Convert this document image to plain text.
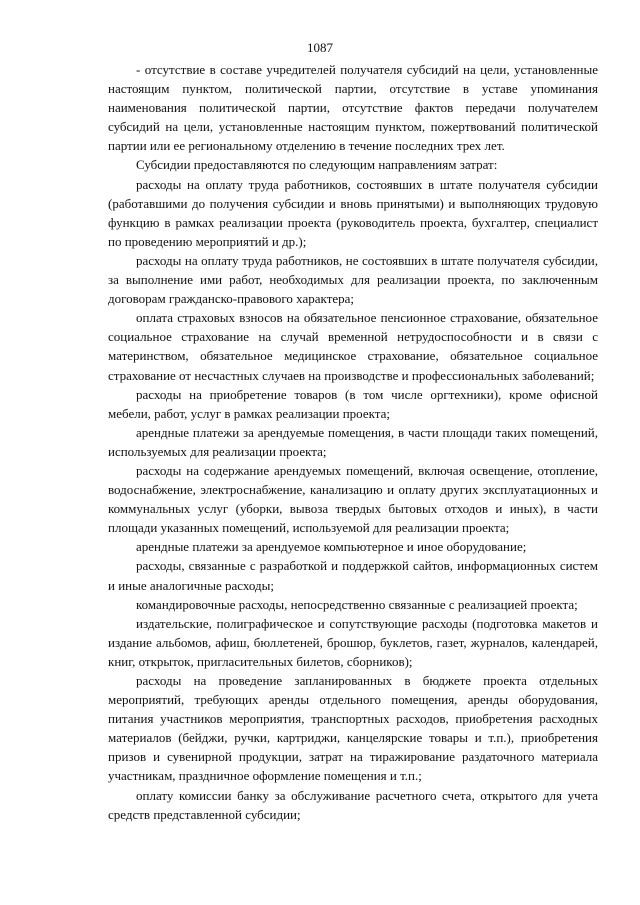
1087

- отсутствие в составе учредителей получателя субсидий на цели, установленные настоящим пунктом, политической партии, отсутствие в уставе упоминания наименования политической партии, отсутствие фактов передачи получателем субсидий на цели, установленные настоящим пунктом, пожертвований политической партии или ее региональному отделению в течение последних трех лет.

Субсидии предоставляются по следующим направлениям затрат:

расходы на оплату труда работников, состоявших в штате получателя субсидии (работавшими до получения субсидии и вновь принятыми) и выполняющих трудовую функцию в рамках реализации проекта (руководитель проекта, бухгалтер, специалист по проведению мероприятий и др.);

расходы на оплату труда работников, не состоявших в штате получателя субсидии, за выполнение ими работ, необходимых для реализации проекта, по заключенным договорам гражданско-правового характера;

оплата страховых взносов на обязательное пенсионное страхование, обязательное социальное страхование на случай временной нетрудоспособности и в связи с материнством, обязательное медицинское страхование, обязательное социальное страхование от несчастных случаев на производстве и профессиональных заболеваний;

расходы на приобретение товаров (в том числе оргтехники), кроме офисной мебели, работ, услуг в рамках реализации проекта;

арендные платежи за арендуемые помещения, в части площади таких помещений, используемых для реализации проекта;

расходы на содержание арендуемых помещений, включая освещение, отопление, водоснабжение, электроснабжение, канализацию и оплату других эксплуатационных и коммунальных услуг (уборки, вывоза твердых бытовых отходов и иных), в части площади указанных помещений, используемой для реализации проекта;

арендные платежи за арендуемое компьютерное и иное оборудование;

расходы, связанные с разработкой и поддержкой сайтов, информационных систем и иные аналогичные расходы;

командировочные расходы, непосредственно связанные с реализацией проекта;

издательские, полиграфическое и сопутствующие расходы (подготовка макетов и издание альбомов, афиш, бюллетеней, брошюр, буклетов, газет, журналов, календарей, книг, открыток, пригласительных билетов, сборников);

расходы на проведение запланированных в бюджете проекта отдельных мероприятий, требующих аренды отдельного помещения, аренды оборудования, питания участников мероприятия, транспортных расходов, приобретения расходных материалов (бейджи, ручки, картриджи, канцелярские товары и т.п.), приобретения призов и сувенирной продукции, затрат на тиражирование раздаточного материала участникам, праздничное оформление помещения и т.п.;

оплату комиссии банку за обслуживание расчетного счета, открытого для учета средств представленной субсидии;
